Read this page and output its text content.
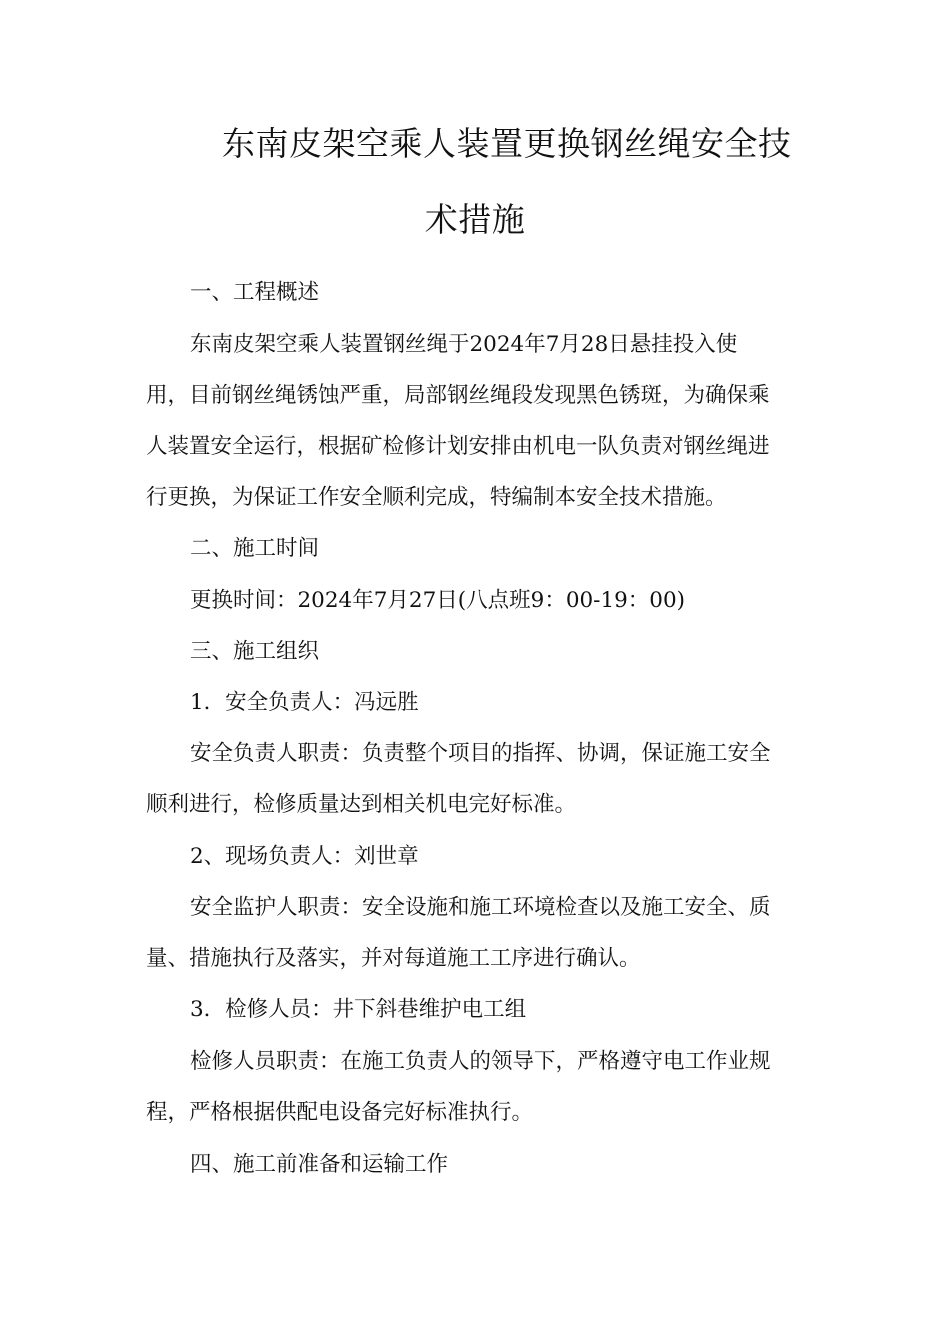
东南皮架空乘人装置更换钢丝绳安全技
术措施
一、工程概述
东南皮架空乘人装置钢丝绳于2024年7月28日悬挂投入使
用，目前钢丝绳锈蚀严重，局部钢丝绳段发现黑色锈斑，为确保乘
人装置安全运行，根据矿检修计划安排由机电一队负责对钢丝绳进
行更换，为保证工作安全顺利完成，特编制本安全技术措施。
二、施工时间
更换时间：2024年7月27日(八点班9：00-19：00)
三、施工组织
1．安全负责人：冯远胜
安全负责人职责：负责整个项目的指挥、协调，保证施工安全
顺利进行，检修质量达到相关机电完好标准。
2、现场负责人：刘世章
安全监护人职责：安全设施和施工环境检查以及施工安全、质
量、措施执行及落实，并对每道施工工序进行确认。
3．检修人员：井下斜巷维护电工组
检修人员职责：在施工负责人的领导下，严格遵守电工作业规
程，严格根据供配电设备完好标准执行。
四、施工前准备和运输工作
